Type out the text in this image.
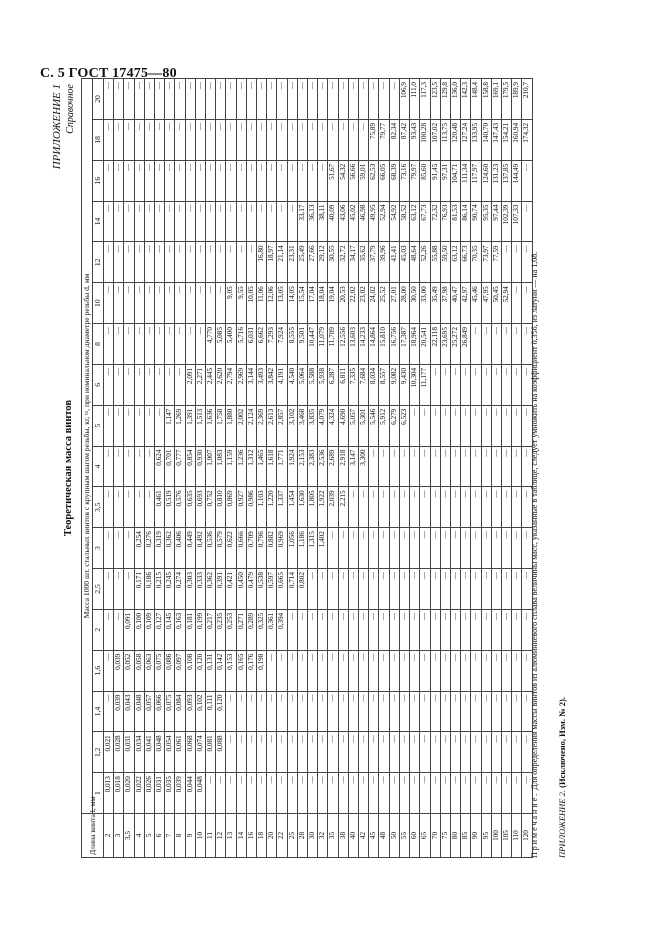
С. 5 ГОСТ 17475—80
ПРИЛОЖЕНИЕ 1 Справочное
Теоретическая масса винтов
Длина винта l, мм	Масса 1000 шт. стальных винтов с крупным шагом резьбы, кг, ≈, при номинальном диаметре резьбы d, мм																	
	1	1,2	1,4	1,6	2	2,5	3	3,5	4	5	6	8	10	12	14	16	18	20
2	0,013	0,021	—	—	—	—	—	—	—	—	—	—	—	—	—	—	—	—
3	0,018	0,028	0,039	0,039	—	—	—	—	—	—	—	—	—	—	—	—	—	—
3,5	0,020	0,031	0,043	0,052	0,091	—	—	—	—	—	—	—	—	—	—	—	—	—
4	0,022	0,034	0,048	0,058	0,100	0,171	0,254	—	—	—	—	—	—	—	—	—	—	—
5	0,026	0,041	0,057	0,063	0,109	0,186	0,276	—	—	—	—	—	—	—	—	—	—	—
6	0,031	0,048	0,066	0,075	0,127	0,215	0,319	0,461	0,624	—	—	—	—	—	—	—	—	—
7	0,035	0,054	0,075	0,086	0,145	0,245	0,362	0,519	0,701	1,147	—	—	—	—	—	—	—	—
8	0,039	0,061	0,084	0,097	0,163	0,274	0,406	0,576	0,777	1,269	—	—	—	—	—	—	—	—
9	0,044	0,068	0,093	0,108	0,181	0,303	0,449	0,635	0,854	1,391	2,091	—	—	—	—	—	—	—
10	0,048	0,074	0,102	0,120	0,199	0,333	0,492	0,693	0,930	1,513	2,271	—	—	—	—	—	—	—
11	—	0,081	0,111	0,131	0,217	0,362	0,536	0,752	1,007	1,636	2,445	4,770	—	—	—	—	—	—
12	—	0,088	0,120	0,142	0,235	0,391	0,579	0,810	1,083	1,758	2,620	5,085	—	—	—	—	—	—
13	—	—	—	0,153	0,253	0,421	0,622	0,869	1,159	1,880	2,794	5,400	9,05	—	—	—	—	—
14	—	—	—	0,165	0,271	0,450	0,666	0,927	1,236	2,002	2,969	5,716	9,55	—	—	—	—	—
16	—	—	—	0,176	0,289	0,479	0,709	0,986	1,312	2,124	3,144	6,031	10,05	—	—	—	—	—
18	—	—	—	0,198	0,325	0,538	0,796	1,103	1,465	2,369	3,493	6,662	11,06	16,80	—	—	—	—
20	—	—	—	—	0,361	0,597	0,882	1,220	1,618	2,613	3,842	7,293	12,06	18,97	—	—	—	—
22	—	—	—	—	0,394	0,665	0,969	1,337	1,771	2,857	4,191	7,924	13,05	21,14	—	—	—	—
25	—	—	—	—	—	0,714	1,056	1,454	1,924	3,102	4,540	8,555	14,05	23,31	—	—	—	—
28	—	—	—	—	—	0,802	1,186	1,630	2,153	3,468	5,064	9,501	15,54	25,49	33,17	—	—	—
30	—	—	—	—	—	—	1,315	1,805	2,383	3,835	5,588	10,447	17,04	27,66	36,13	—	—	—
32	—	—	—	—	—	—	1,402	1,922	2,536	4,079	5,938	11,079	18,04	29,12	38,11	—	—	—
35	—	—	—	—	—	—	—	2,039	2,689	4,324	6,287	11,709	19,04	30,55	40,09	51,67	—	—
38	—	—	—	—	—	—	—	2,215	2,918	4,690	6,811	12,556	20,53	32,72	43,06	54,32	—	—
40	—	—	—	—	—	—	—	—	3,147	5,057	7,335	13,603	22,02	34,17	45,02	56,66	—	—
42	—	—	—	—	—	—	—	—	3,300	5,301	7,684	14,233	23,02	35,62	46,98	59,01	—	—
45	—	—	—	—	—	—	—	—	—	5,546	8,034	14,864	24,02	37,79	49,95	62,53	75,89	—
48	—	—	—	—	—	—	—	—	—	5,912	8,557	15,810	25,52	39,96	52,94	66,05	79,77	—
50	—	—	—	—	—	—	—	—	—	6,279	9,082	16,756	27,01	41,41	54,92	68,39	82,34	—
55	—	—	—	—	—	—	—	—	—	6,523	9,430	17,387	28,00	45,03	58,52	73,16	87,42	106,9
60	—	—	—	—	—	—	—	—	—	—	10,304	18,964	30,50	48,64	63,12	79,97	93,43	111,0
65	—	—	—	—	—	—	—	—	—	—	11,177	20,541	33,00	52,26	67,73	85,60	100,28	117,3
70	—	—	—	—	—	—	—	—	—	—	—	22,118	35,49	55,88	72,32	91,45	107,02	123,5
75	—	—	—	—	—	—	—	—	—	—	—	23,695	37,98	59,50	76,93	97,31	113,75	129,8
80	—	—	—	—	—	—	—	—	—	—	—	25,272	40,47	63,12	81,53	104,71	120,48	136,0
85	—	—	—	—	—	—	—	—	—	—	—	26,849	42,97	66,73	86,14	111,34	127,24	142,3
90	—	—	—	—	—	—	—	—	—	—	—	—	45,46	70,35	90,74	117,97	133,95	148,4
95	—	—	—	—	—	—	—	—	—	—	—	—	47,95	73,97	95,35	124,60	140,70	158,8
100	—	—	—	—	—	—	—	—	—	—	—	—	50,45	77,59	97,44	131,23	147,43	169,1
105	—	—	—	—	—	—	—	—	—	—	—	—	52,94	—	102,39	137,85	154,21	179,5
110	—	—	—	—	—	—	—	—	—	—	—	—	—	—	107,33	144,49	160,94	189,9
120	—	—	—	—	—	—	—	—	—	—	—	—	—	—	—	—	174,32	210,7
Примечание. Для определения массы винтов из алюминиевого сплава величины масс, указанные в таблице, следует умножить на коэффициент 0,356, из латуни — на 1,08.
ПРИЛОЖЕНИЕ 2. (Исключено, Изм. № 2).
